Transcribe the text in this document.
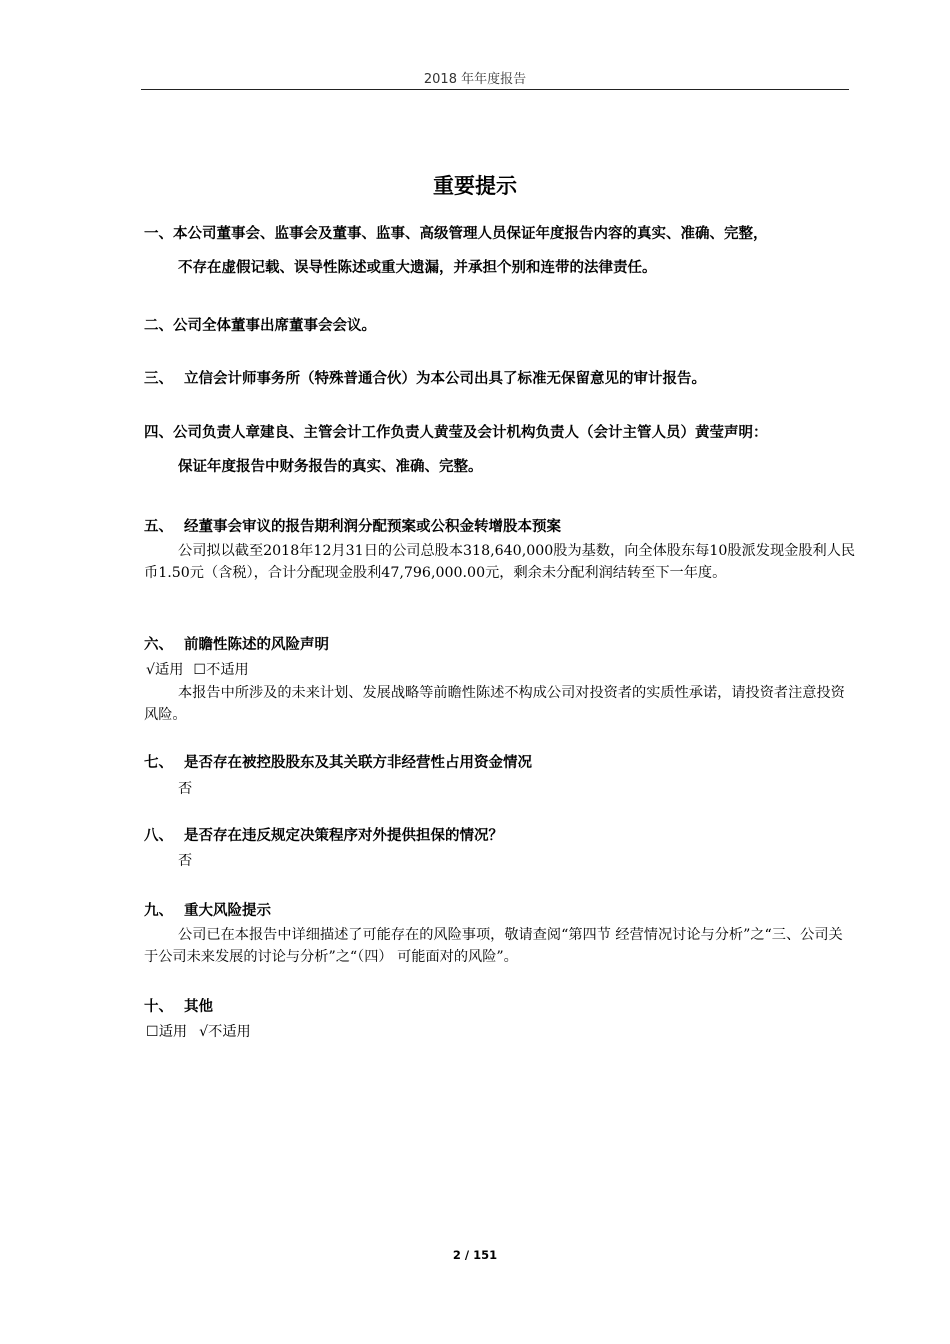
2018 年年度报告
重要提示
一、本公司董事会、监事会及董事、监事、高级管理人员保证年度报告内容的真实、准确、完整，
不存在虚假记载、误导性陈述或重大遗漏，并承担个别和连带的法律责任。
二、公司全体董事出席董事会会议。
三、 立信会计师事务所（特殊普通合伙）为本公司出具了标准无保留意见的审计报告。
四、公司负责人章建良、主管会计工作负责人黄莹及会计机构负责人（会计主管人员）黄莹声明：
保证年度报告中财务报告的真实、准确、完整。
五、 经董事会审议的报告期利润分配预案或公积金转增股本预案
公司拟以截至2018年12月31日的公司总股本318,640,000股为基数，向全体股东每10股派发现金股利人民币1.50元（含税），合计分配现金股利47,796,000.00元，剩余未分配利润结转至下一年度。
六、 前瞻性陈述的风险声明
√适用 ☐不适用
本报告中所涉及的未来计划、发展战略等前瞻性陈述不构成公司对投资者的实质性承诺，请投资者注意投资风险。
七、 是否存在被控股股东及其关联方非经营性占用资金情况
否
八、 是否存在违反规定决策程序对外提供担保的情况？
否
九、 重大风险提示
公司已在本报告中详细描述了可能存在的风险事项，敬请查阅“第四节 经营情况讨论与分析”之“三、公司关于公司未来发展的讨论与分析”之“（四） 可能面对的风险”。
十、 其他
☐适用 √不适用
2 / 151
